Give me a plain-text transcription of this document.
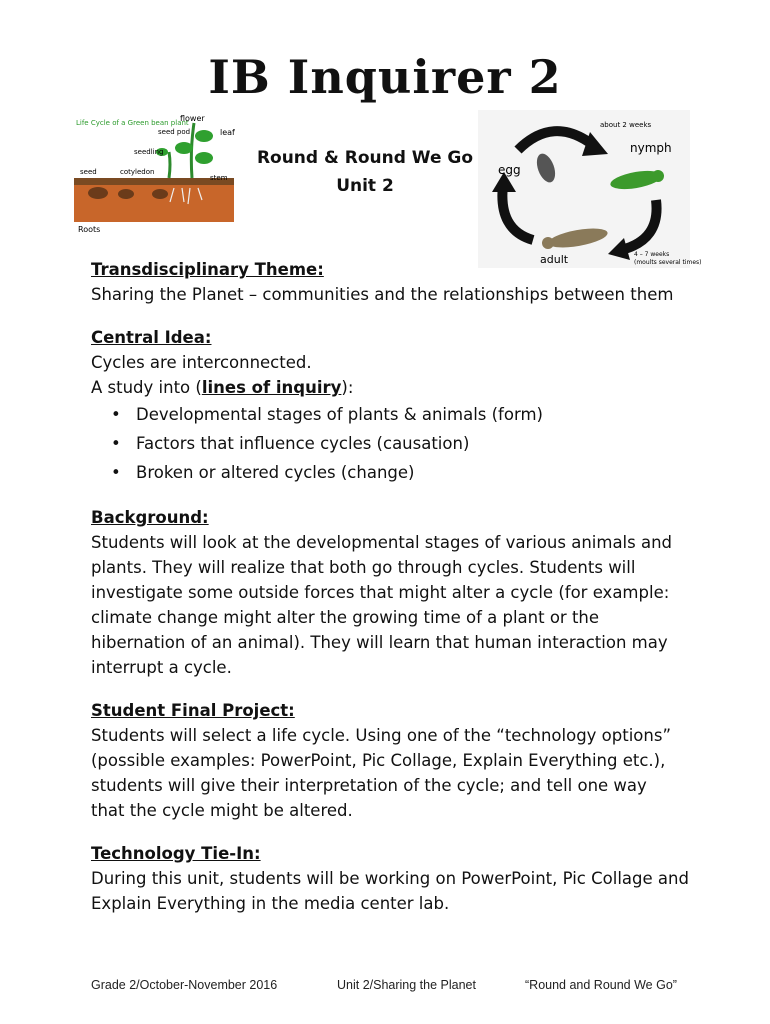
IB Inquirer 2
Life Cycle of a Green bean plant
flower
leaf
seed pod
seedling
seed	cotyledon
stem
Roots
Round & Round We Go
Unit 2
about 2 weeks
nymph
egg
adult	4 – 7 weeks
(moults several times)

Transdisciplinary Theme:

Sharing the Planet – communities and the relationships between them

Central Idea:

Cycles are interconnected.

A study into (lines of inquiry):

• Developmental stages of plants & animals (form)
• Factors that influence cycles (causation)
• Broken or altered cycles (change)

Background:

Students will look at the developmental stages of various animals and

plants. They will realize that both go through cycles. Students will

investigate some outside forces that might alter a cycle (for example:

climate change might alter the growing time of a plant or the

hibernation of an animal). They will learn that human interaction may

interrupt a cycle.

Student Final Project:

Students will select a life cycle. Using one of the “technology options”

(possible examples: PowerPoint, Pic Collage, Explain Everything etc.),

students will give their interpretation of the cycle; and tell one way

that the cycle might be altered.

Technology Tie-In:

During this unit, students will be working on PowerPoint, Pic Collage and

Explain Everything in the media center lab.

Grade 2/October-November 2016	Unit 2/Sharing the Planet	“Round and Round We Go”
